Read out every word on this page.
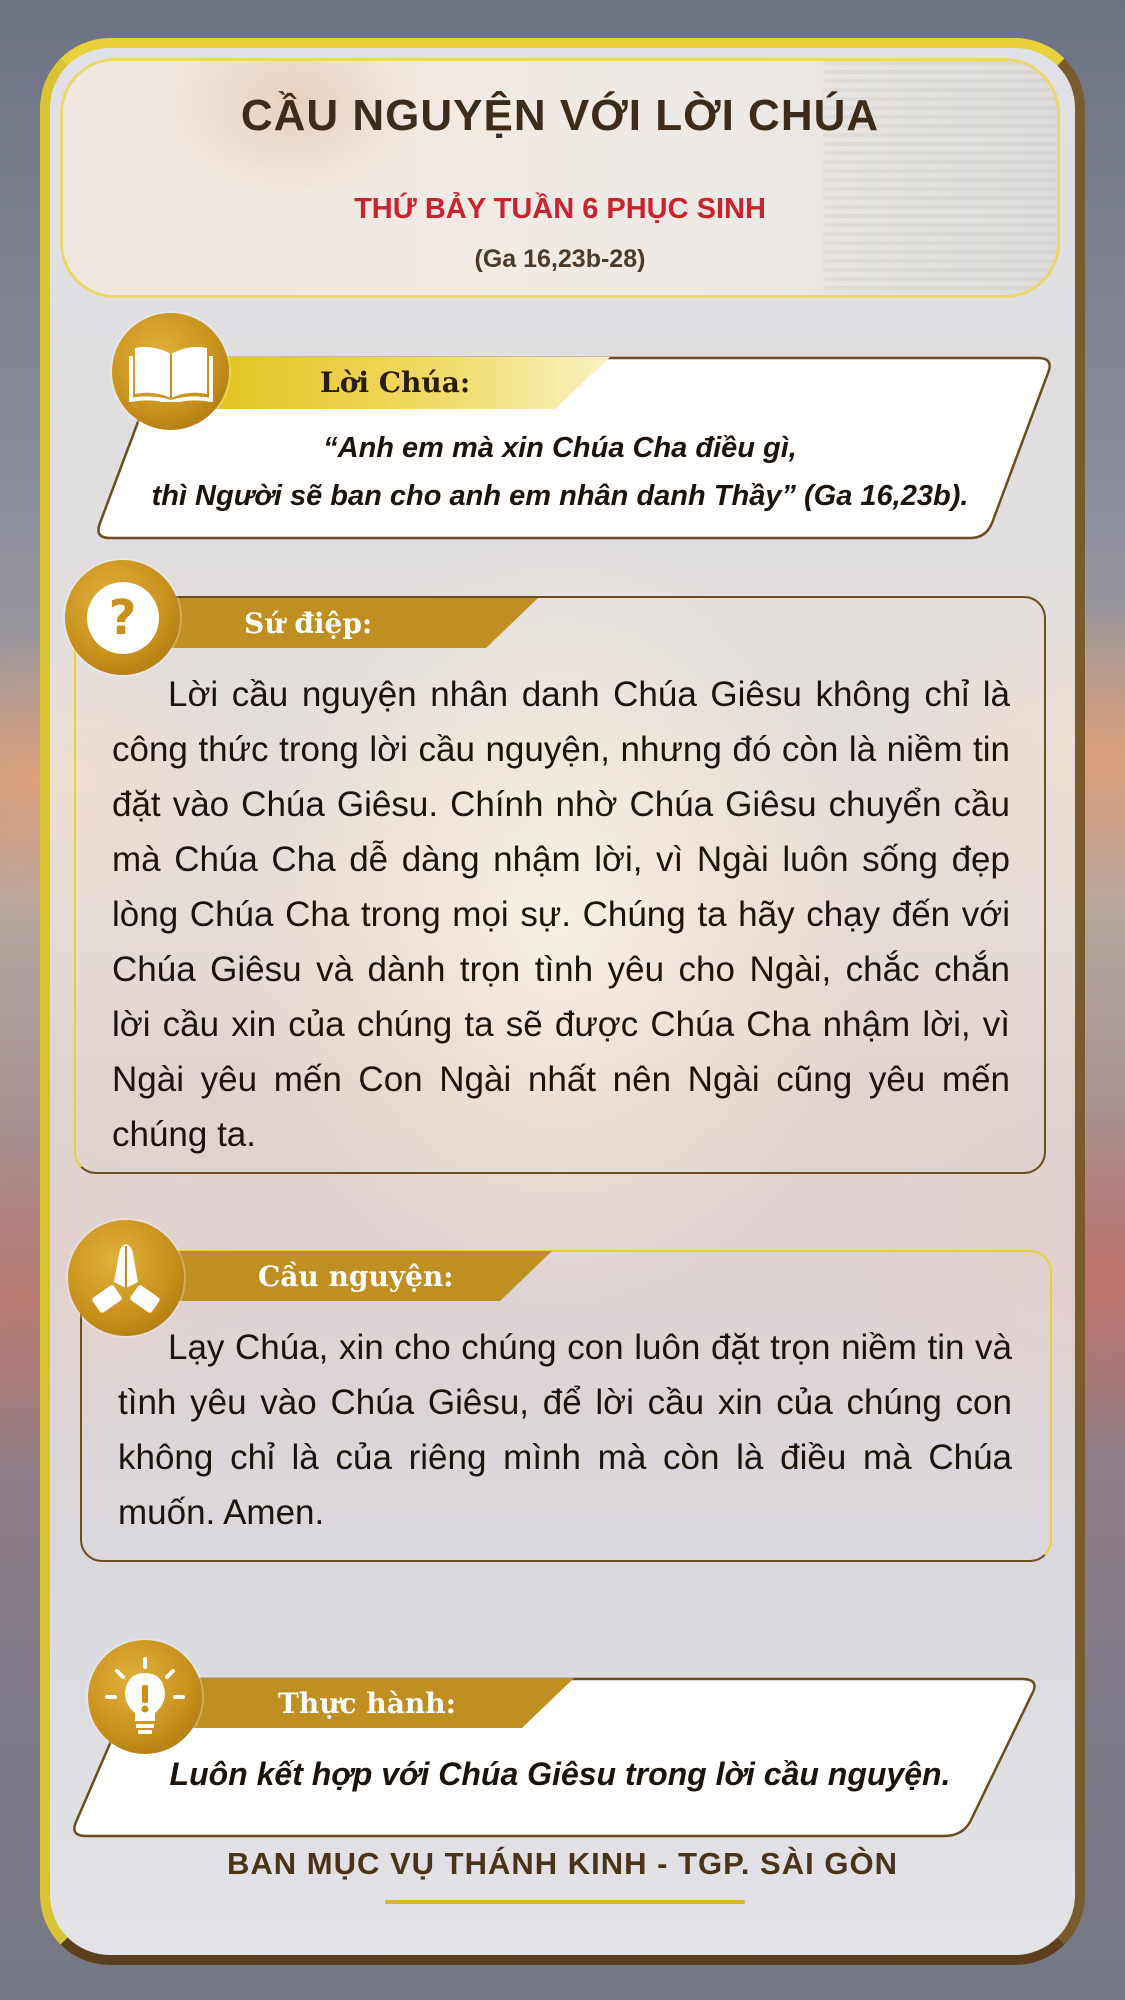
CẦU NGUYỆN VỚI LỜI CHÚA
THỨ BẢY TUẦN 6 PHỤC SINH
(Ga 16,23b-28)
Lời Chúa:
“Anh em mà xin Chúa Cha điều gì,
thì Người sẽ ban cho anh em nhân danh Thầy” (Ga 16,23b).
Sứ điệp:
?
Lời cầu nguyện nhân danh Chúa Giêsu không chỉ là công thức trong lời cầu nguyện, nhưng đó còn là niềm tin đặt vào Chúa Giêsu. Chính nhờ Chúa Giêsu chuyển cầu mà Chúa Cha dễ dàng nhậm lời, vì Ngài luôn sống đẹp lòng Chúa Cha trong mọi sự. Chúng ta hãy chạy đến với Chúa Giêsu và dành trọn tình yêu cho Ngài, chắc chắn lời cầu xin của chúng ta sẽ được Chúa Cha nhậm lời, vì Ngài yêu mến Con Ngài nhất nên Ngài cũng yêu mến chúng ta.
Cầu nguyện:
Lạy Chúa, xin cho chúng con luôn đặt trọn niềm tin và tình yêu vào Chúa Giêsu, để lời cầu xin của chúng con không chỉ là của riêng mình mà còn là điều mà Chúa muốn. Amen.
Thực hành:
Luôn kết hợp với Chúa Giêsu trong lời cầu nguyện.
BAN MỤC VỤ THÁNH KINH - TGP. SÀI GÒN
